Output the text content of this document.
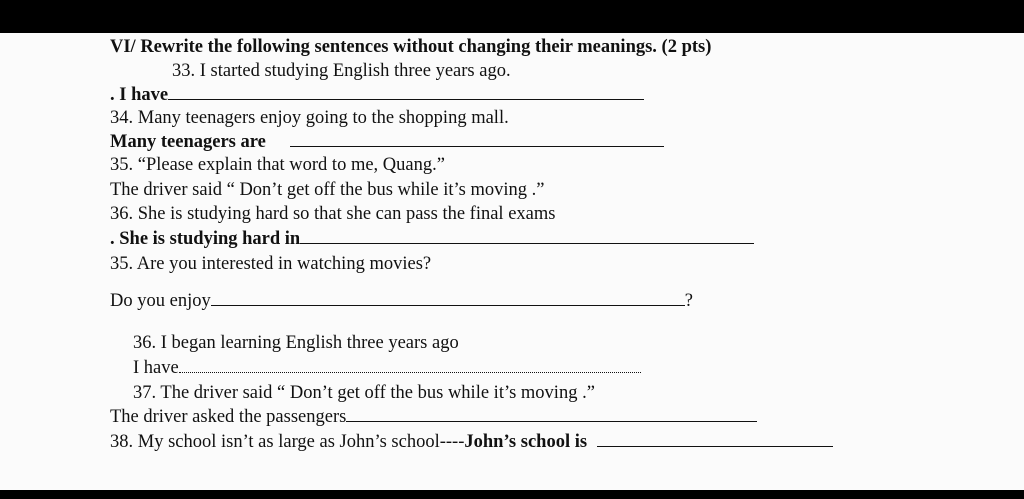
VI/ Rewrite the following sentences without changing their meanings. (2 pts)
33. I started studying English three years ago.
. I have
34. Many teenagers enjoy going to the shopping mall.
Many teenagers are
35. “Please explain that word to me, Quang.”
The driver said “ Don’t get off the bus while it’s moving .”
36. She is studying hard so that she can pass the final exams
. She is studying hard in
35. Are you interested in watching movies?
Do you enjoy	?
36. I began learning English three years ago
I have
37. The driver said “ Don’t get off the bus while it’s moving .”
The driver asked the passengers
38. My school isn’t as large as John’s school----John’s school is
